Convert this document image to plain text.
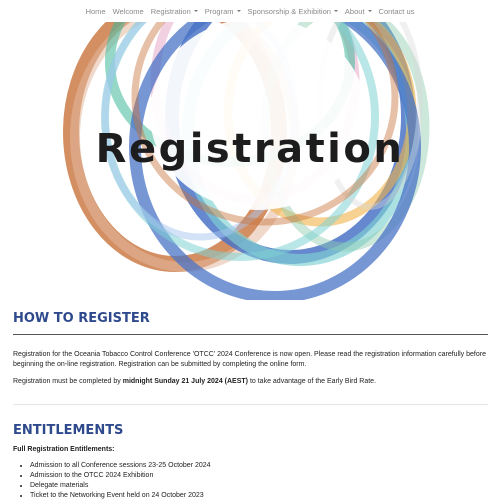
Home Welcome Registration Program Sponsorship & Exhibition About Contact us
Registration
HOW TO REGISTER

Registration for the Oceania Tobacco Control Conference 'OTCC' 2024 Conference is now open. Please read the registration information carefully before beginning the on-line registration. Registration can be submitted by completing the online form.

Registration must be completed by midnight Sunday 21 July 2024 (AEST) to take advantage of the Early Bird Rate.

ENTITLEMENTS
Full Registration Entitlements:
• Admission to all Conference sessions 23-25 October 2024
• Admission to the OTCC 2024 Exhibition
• Delegate materials
• Ticket to the Networking Event held on 24 October 2023
